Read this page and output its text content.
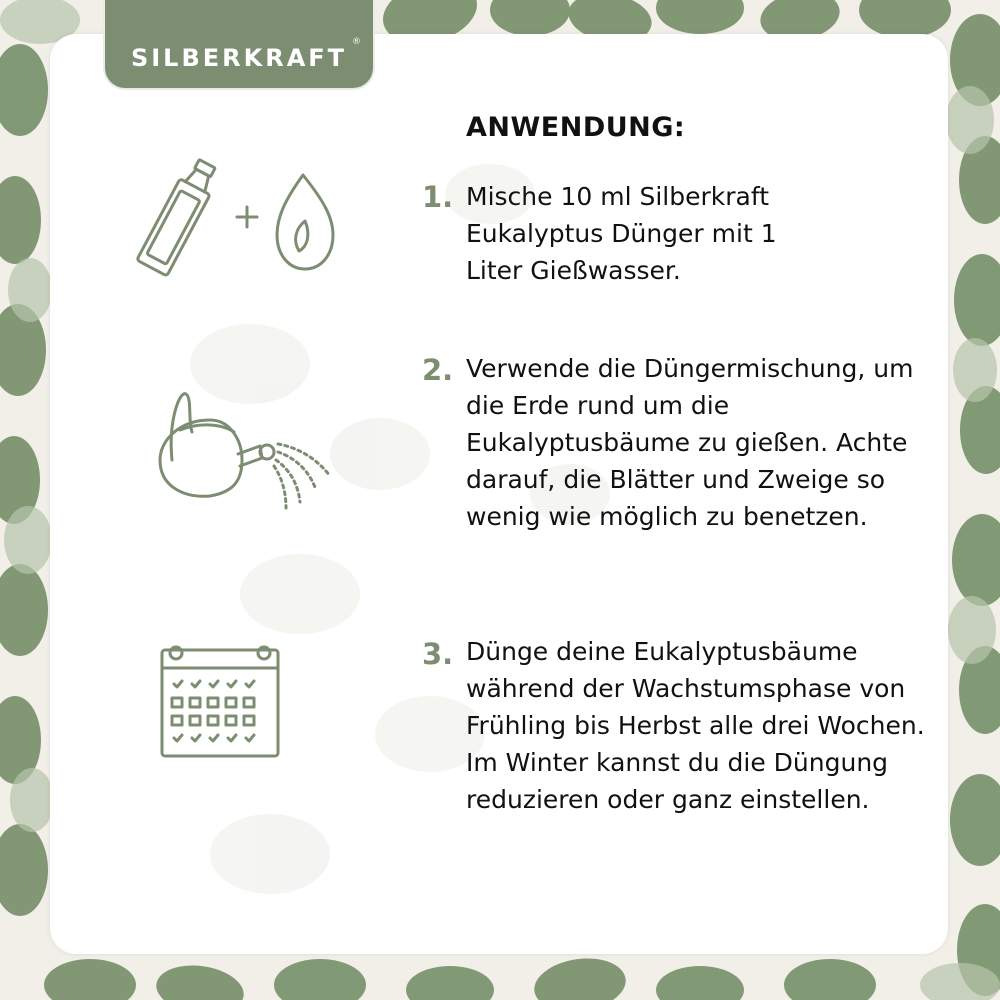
SILBERKRAFT
®
ANWENDUNG:
1. Mische 10 ml Silberkraft Eukalyptus Dünger mit 1 Liter Gießwasser.

2. Verwende die Düngermischung, um die Erde rund um die Eukalyptusbäume zu gießen. Achte darauf, die Blätter und Zweige so wenig wie möglich zu benetzen.

3. Dünge deine Eukalyptusbäume während der Wachstumsphase von Frühling bis Herbst alle drei Wochen. Im Winter kannst du die Düngung reduzieren oder ganz einstellen.
